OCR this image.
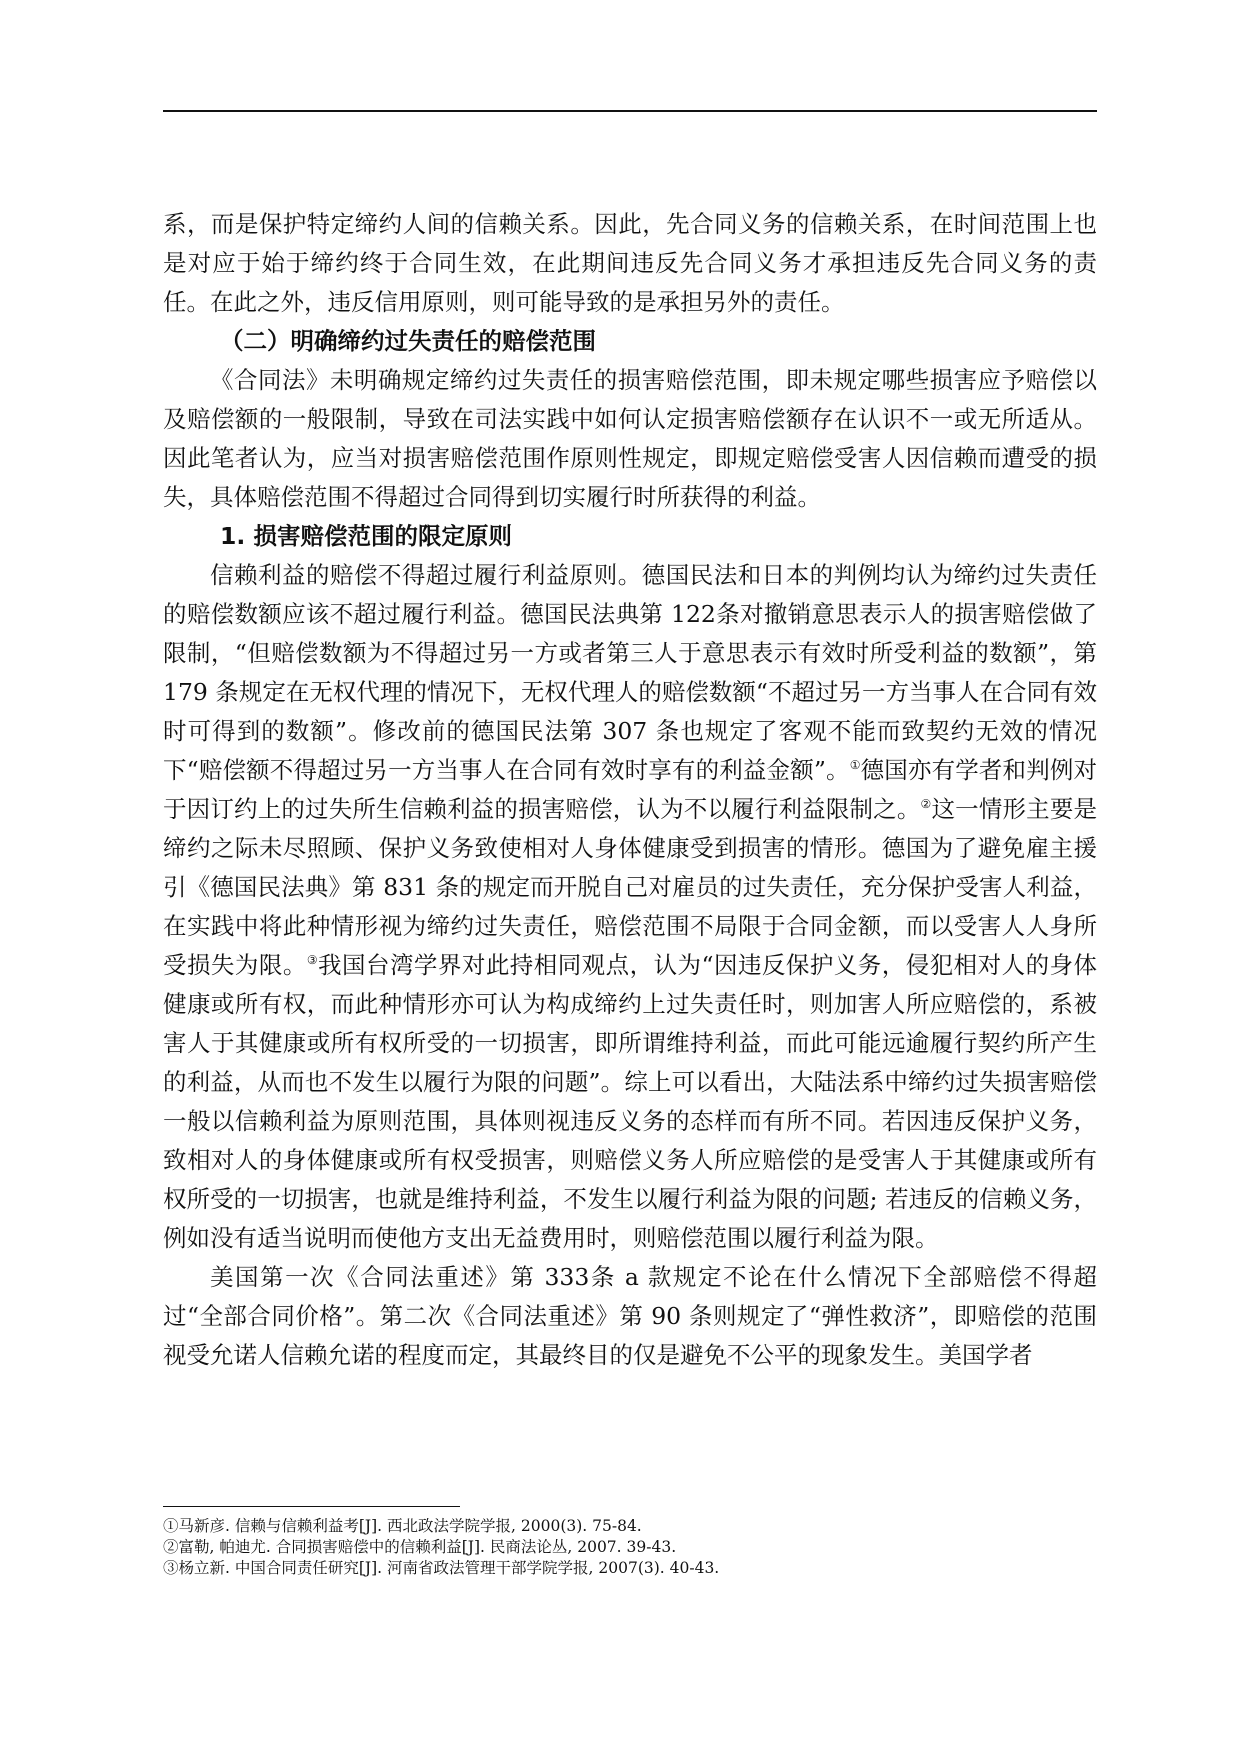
系，而是保护特定缔约人间的信赖关系。因此，先合同义务的信赖关系，在时间范围上也是对应于始于缔约终于合同生效，在此期间违反先合同义务才承担违反先合同义务的责任。在此之外，违反信用原则，则可能导致的是承担另外的责任。

（二）明确缔约过失责任的赔偿范围

《合同法》未明确规定缔约过失责任的损害赔偿范围，即未规定哪些损害应予赔偿以及赔偿额的一般限制，导致在司法实践中如何认定损害赔偿额存在认识不一或无所适从。因此笔者认为，应当对损害赔偿范围作原则性规定，即规定赔偿受害人因信赖而遭受的损失，具体赔偿范围不得超过合同得到切实履行时所获得的利益。

1. 损害赔偿范围的限定原则

信赖利益的赔偿不得超过履行利益原则。德国民法和日本的判例均认为缔约过失责任的赔偿数额应该不超过履行利益。德国民法典第 122条对撤销意思表示人的损害赔偿做了限制，“但赔偿数额为不得超过另一方或者第三人于意思表示有效时所受利益的数额”，第 179 条规定在无权代理的情况下，无权代理人的赔偿数额“不超过另一方当事人在合同有效时可得到的数额”。修改前的德国民法第 307 条也规定了客观不能而致契约无效的情况下“赔偿额不得超过另一方当事人在合同有效时享有的利益金额”。①德国亦有学者和判例对于因订约上的过失所生信赖利益的损害赔偿，认为不以履行利益限制之。②这一情形主要是缔约之际未尽照顾、保护义务致使相对人身体健康受到损害的情形。德国为了避免雇主援引《德国民法典》第 831 条的规定而开脱自己对雇员的过失责任，充分保护受害人利益，在实践中将此种情形视为缔约过失责任，赔偿范围不局限于合同金额，而以受害人人身所受损失为限。③我国台湾学界对此持相同观点，认为“因违反保护义务，侵犯相对人的身体健康或所有权，而此种情形亦可认为构成缔约上过失责任时，则加害人所应赔偿的，系被害人于其健康或所有权所受的一切损害，即所谓维持利益，而此可能远逾履行契约所产生的利益，从而也不发生以履行为限的问题”。综上可以看出，大陆法系中缔约过失损害赔偿一般以信赖利益为原则范围，具体则视违反义务的态样而有所不同。若因违反保护义务，致相对人的身体健康或所有权受损害，则赔偿义务人所应赔偿的是受害人于其健康或所有权所受的一切损害，也就是维持利益，不发生以履行利益为限的问题; 若违反的信赖义务，例如没有适当说明而使他方支出无益费用时，则赔偿范围以履行利益为限。

美国第一次《合同法重述》第 333条 a 款规定不论在什么情况下全部赔偿不得超过“全部合同价格”。第二次《合同法重述》第 90 条则规定了“弹性救济”，即赔偿的范围视受允诺人信赖允诺的程度而定，其最终目的仅是避免不公平的现象发生。美国学者

①马新彦. 信赖与信赖利益考[J]. 西北政法学院学报, 2000(3). 75-84.

②富勒, 帕迪尤. 合同损害赔偿中的信赖利益[J]. 民商法论丛, 2007. 39-43.

③杨立新. 中国合同责任研究[J]. 河南省政法管理干部学院学报, 2007(3). 40-43.
